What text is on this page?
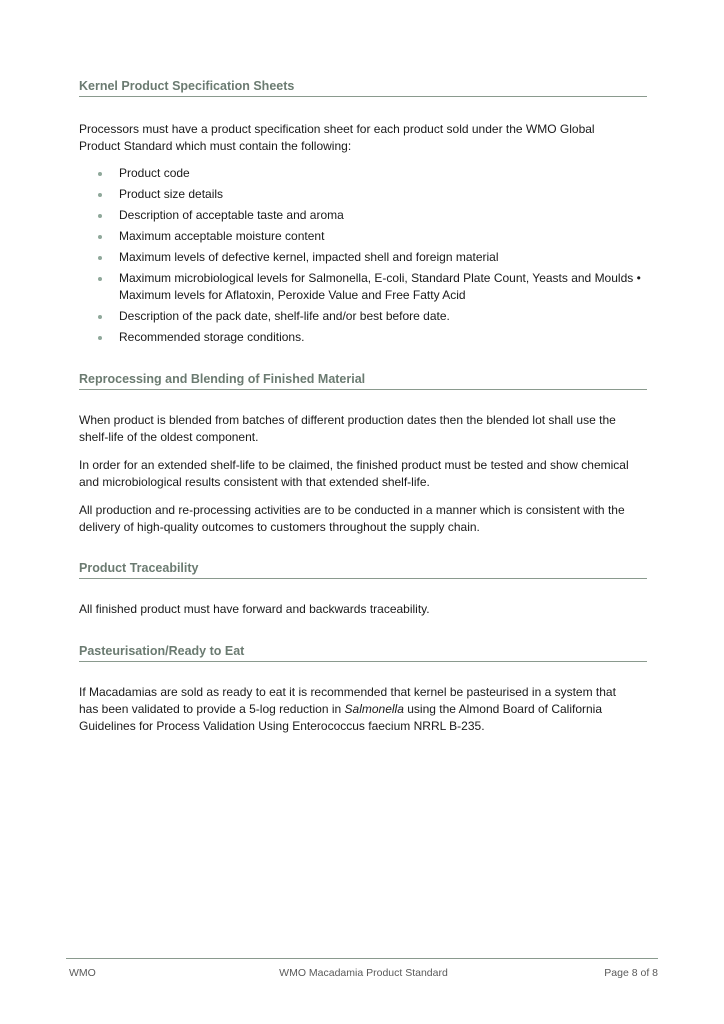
Kernel Product Specification Sheets

Processors must have a product specification sheet for each product sold under the WMO Global Product Standard which must contain the following:

Product code
Product size details
Description of acceptable taste and aroma
Maximum acceptable moisture content
Maximum levels of defective kernel, impacted shell and foreign material
Maximum microbiological levels for Salmonella, E-coli, Standard Plate Count, Yeasts and Moulds • Maximum levels for Aflatoxin, Peroxide Value and Free Fatty Acid
Description of the pack date, shelf-life and/or best before date.
Recommended storage conditions.
Reprocessing and Blending of Finished Material

When product is blended from batches of different production dates then the blended lot shall use the shelf-life of the oldest component.

In order for an extended shelf-life to be claimed, the finished product must be tested and show chemical and microbiological results consistent with that extended shelf-life.

All production and re-processing activities are to be conducted in a manner which is consistent with the delivery of high-quality outcomes to customers throughout the supply chain.

Product Traceability

All finished product must have forward and backwards traceability.

Pasteurisation/Ready to Eat

If Macadamias are sold as ready to eat it is recommended that kernel be pasteurised in a system that has been validated to provide a 5-log reduction in Salmonella using the Almond Board of California Guidelines for Process Validation Using Enterococcus faecium NRRL B-235.

WMO	WMO Macadamia Product Standard	Page 8 of 8
